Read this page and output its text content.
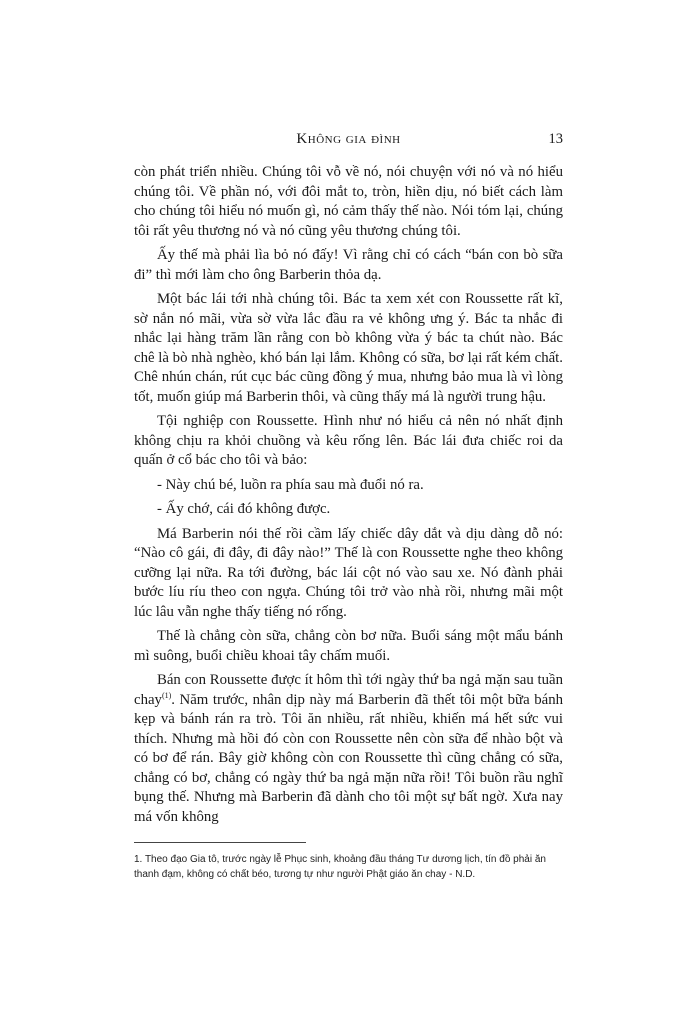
Không gia đình	13

còn phát triển nhiều. Chúng tôi vỗ về nó, nói chuyện với nó và nó hiểu chúng tôi. Về phần nó, với đôi mắt to, tròn, hiền dịu, nó biết cách làm cho chúng tôi hiểu nó muốn gì, nó cảm thấy thế nào. Nói tóm lại, chúng tôi rất yêu thương nó và nó cũng yêu thương chúng tôi.

Ấy thế mà phải lìa bỏ nó đấy! Vì rằng chỉ có cách “bán con bò sữa đi” thì mới làm cho ông Barberin thỏa dạ.

Một bác lái tới nhà chúng tôi. Bác ta xem xét con Roussette rất kĩ, sờ nắn nó mãi, vừa sờ vừa lắc đầu ra vẻ không ưng ý. Bác ta nhắc đi nhắc lại hàng trăm lần rằng con bò không vừa ý bác ta chút nào. Bác chê là bò nhà nghèo, khó bán lại lắm. Không có sữa, bơ lại rất kém chất. Chê nhún chán, rút cục bác cũng đồng ý mua, nhưng bảo mua là vì lòng tốt, muốn giúp má Barberin thôi, và cũng thấy má là người trung hậu.

Tội nghiệp con Roussette. Hình như nó hiểu cả nên nó nhất định không chịu ra khỏi chuồng và kêu rống lên. Bác lái đưa chiếc roi da quấn ở cổ bác cho tôi và bảo:

- Này chú bé, luồn ra phía sau mà đuổi nó ra.

- Ấy chớ, cái đó không được.

Má Barberin nói thế rồi cầm lấy chiếc dây dắt và dịu dàng dỗ nó: “Nào cô gái, đi đây, đi đây nào!” Thế là con Roussette nghe theo không cưỡng lại nữa. Ra tới đường, bác lái cột nó vào sau xe. Nó đành phải bước líu ríu theo con ngựa. Chúng tôi trở vào nhà rồi, nhưng mãi một lúc lâu vẫn nghe thấy tiếng nó rống.

Thế là chẳng còn sữa, chẳng còn bơ nữa. Buổi sáng một mẩu bánh mì suông, buổi chiều khoai tây chấm muối.

Bán con Roussette được ít hôm thì tới ngày thứ ba ngả mặn sau tuần chay$^{(1)}$. Năm trước, nhân dịp này má Barberin đã thết tôi một bữa bánh kẹp và bánh rán ra trò. Tôi ăn nhiều, rất nhiều, khiến má hết sức vui thích. Nhưng mà hồi đó còn con Roussette nên còn sữa để nhào bột và có bơ để rán. Bây giờ không còn con Roussette thì cũng chẳng có sữa, chẳng có bơ, chẳng có ngày thứ ba ngả mặn nữa rồi! Tôi buồn rầu nghĩ bụng thế. Nhưng mà Barberin đã dành cho tôi một sự bất ngờ. Xưa nay má vốn không

1. Theo đạo Gia tô, trước ngày lễ Phục sinh, khoảng đầu tháng Tư dương lịch, tín đồ phải ăn thanh đạm, không có chất béo, tương tự như người Phật giáo ăn chay - N.D.
